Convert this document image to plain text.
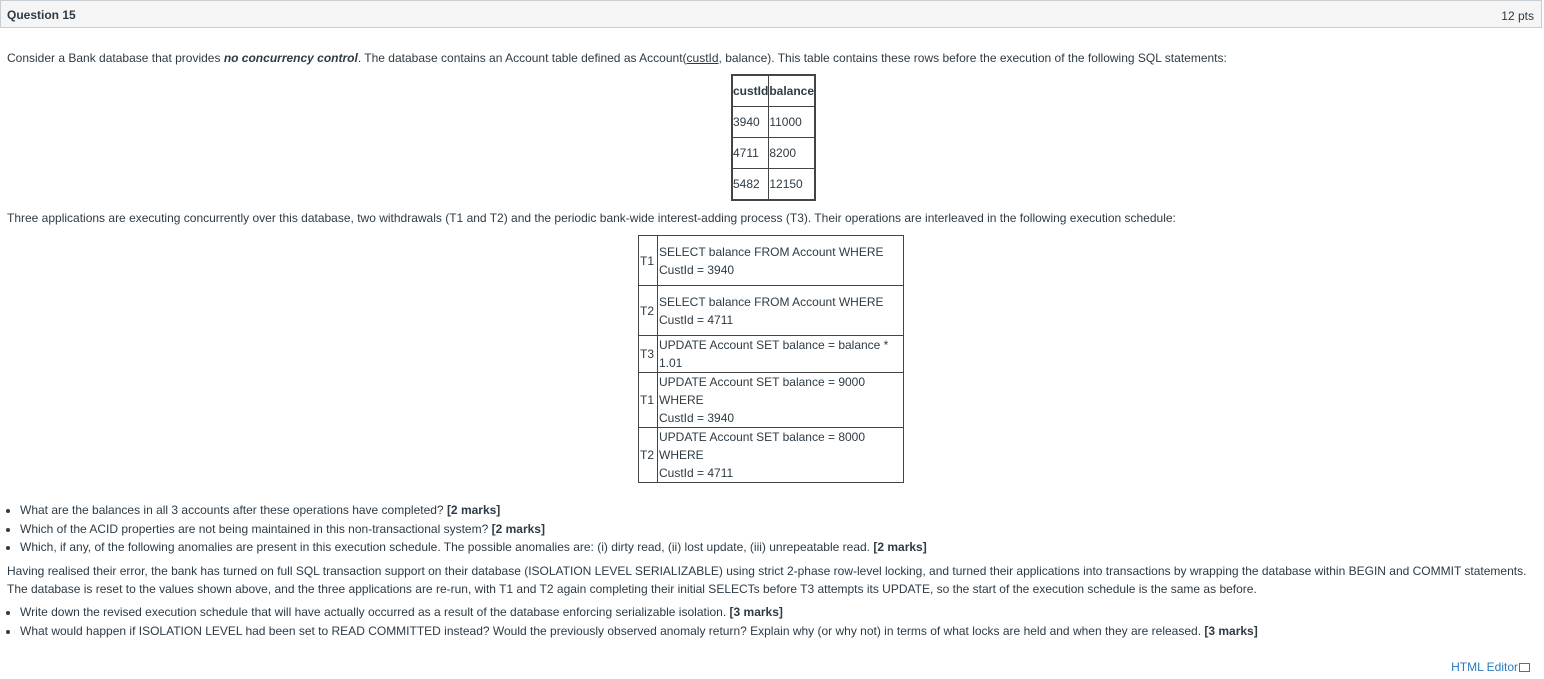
Question 15	12 pts
Consider a Bank database that provides no concurrency control. The database contains an Account table defined as Account(custId, balance). This table contains these rows before the execution of the following SQL statements:
custId	balance
3940	11000
4711	8200
5482	12150
Three applications are executing concurrently over this database, two withdrawals (T1 and T2) and the periodic bank-wide interest-adding process (T3). Their operations are interleaved in the following execution schedule:
T1	SELECT balance FROM Account WHERE
CustId = 3940
T2	SELECT balance FROM Account WHERE
CustId = 4711
T3	UPDATE Account SET balance = balance * 1.01
T1	UPDATE Account SET balance = 9000 WHERE
CustId = 3940
T2	UPDATE Account SET balance = 8000 WHERE
CustId = 4711
• What are the balances in all 3 accounts after these operations have completed? [2 marks]
• Which of the ACID properties are not being maintained in this non-transactional system? [2 marks]
• Which, if any, of the following anomalies are present in this execution schedule. The possible anomalies are: (i) dirty read, (ii) lost update, (iii) unrepeatable read. [2 marks]
Having realised their error, the bank has turned on full SQL transaction support on their database (ISOLATION LEVEL SERIALIZABLE) using strict 2-phase row-level locking, and turned their applications into transactions by wrapping the database within BEGIN and COMMIT statements. The database is reset to the values shown above, and the three applications are re-run, with T1 and T2 again completing their initial SELECTs before T3 attempts its UPDATE, so the start of the execution schedule is the same as before.
• Write down the revised execution schedule that will have actually occurred as a result of the database enforcing serializable isolation. [3 marks]
• What would happen if ISOLATION LEVEL had been set to READ COMMITTED instead? Would the previously observed anomaly return? Explain why (or why not) in terms of what locks are held and when they are released. [3 marks]
HTML Editor
